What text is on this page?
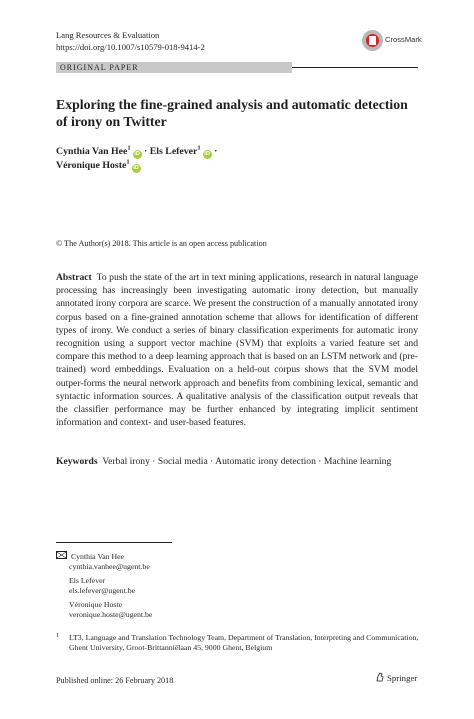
Lang Resources & Evaluation
https://doi.org/10.1007/s10579-018-9414-2
CrossMark
ORIGINAL PAPER
Exploring the fine-grained analysis and automatic detection of irony on Twitter
Cynthia Van Hee$^1$iD · Els Lefever$^1$iD ·
Véronique Hoste$^1$iD
© The Author(s) 2018. This article is an open access publication
Abstract To push the state of the art in text mining applications, research in natural language processing has increasingly been investigating automatic irony detection, but manually annotated irony corpora are scarce. We present the construction of a manually annotated irony corpus based on a fine-grained annotation scheme that allows for identification of different types of irony. We conduct a series of binary classification experiments for automatic irony recognition using a support vector machine (SVM) that exploits a varied feature set and compare this method to a deep learning approach that is based on an LSTM network and (pre-trained) word embeddings. Evaluation on a held-out corpus shows that the SVM model outper-forms the neural network approach and benefits from combining lexical, semantic and syntactic information sources. A qualitative analysis of the classification output reveals that the classifier performance may be further enhanced by integrating implicit sentiment information and context- and user-based features.
Keywords Verbal irony · Social media · Automatic irony detection · Machine learning
Cynthia Van Hee
cynthia.vanhee@ugent.be
Els Lefever
els.lefever@ugent.be
Véronique Hoste
veronique.hoste@ugent.be
1 LT3, Language and Translation Technology Team, Department of Translation, Interpreting and Communication, Ghent University, Groot-Brittanniëlaan 45, 9000 Ghent, Belgium
Published online: 26 February 2018	Springer
